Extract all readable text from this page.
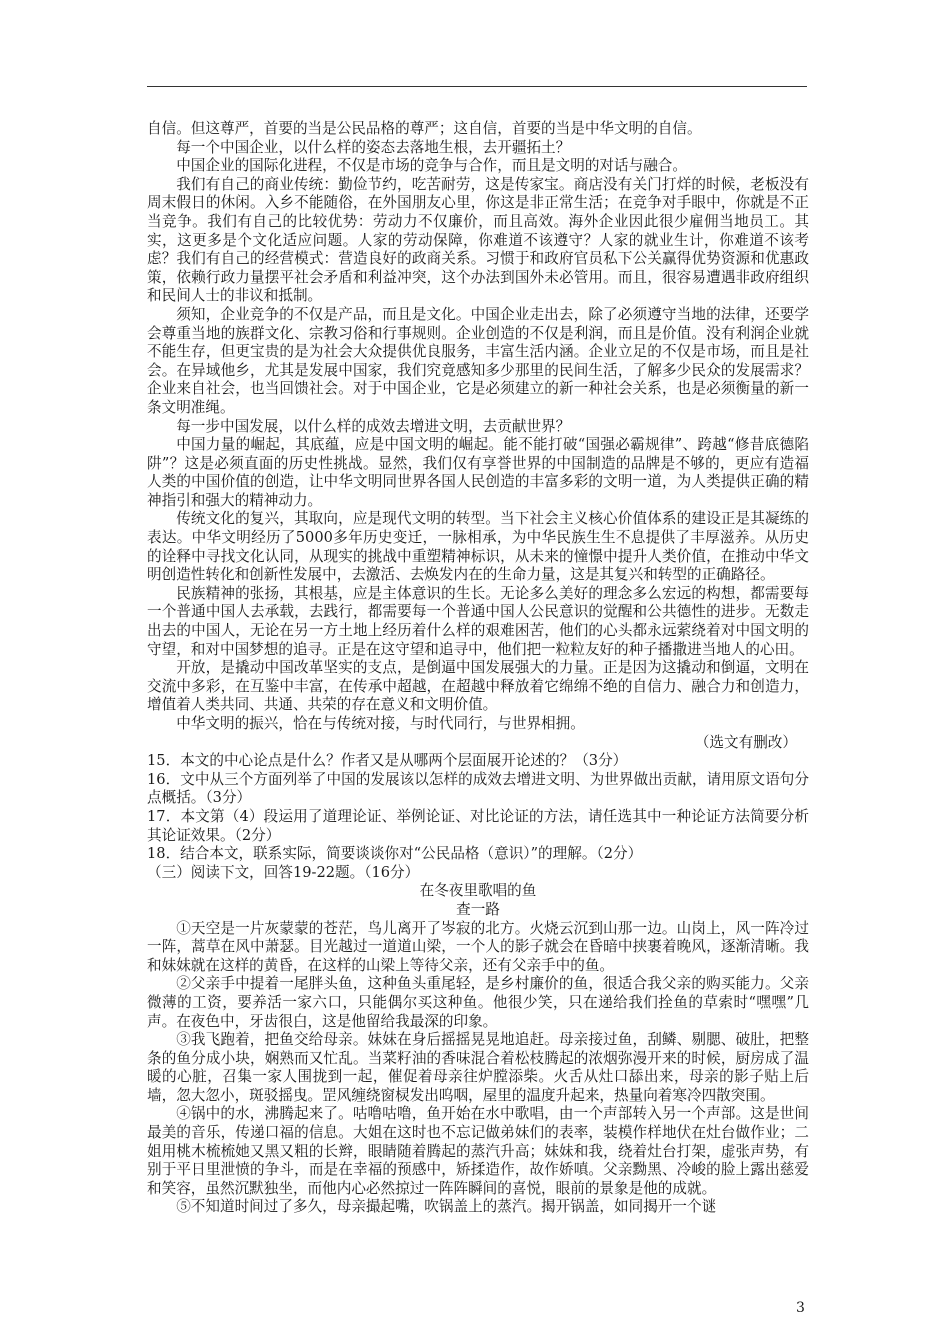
自信。但这尊严，首要的当是公民品格的尊严；这自信，首要的当是中华文明的自信。

每一个中国企业，以什么样的姿态去落地生根，去开疆拓土？

中国企业的国际化进程，不仅是市场的竞争与合作，而且是文明的对话与融合。

我们有自己的商业传统：勤俭节约，吃苦耐劳，这是传家宝。商店没有关门打烊的时候，老板没有周末假日的休闲。入乡不能随俗，在外国朋友心里，你这是非正常生活；在竞争对手眼中，你就是不正当竞争。我们有自己的比较优势：劳动力不仅廉价，而且高效。海外企业因此很少雇佣当地员工。其实，这更多是个文化适应问题。人家的劳动保障，你难道不该遵守？人家的就业生计，你难道不该考虑？我们有自己的经营模式：营造良好的政商关系。习惯于和政府官员私下公关赢得优势资源和优惠政策，依赖行政力量摆平社会矛盾和利益冲突，这个办法到国外未必管用。而且，很容易遭遇非政府组织和民间人士的非议和抵制。

须知，企业竞争的不仅是产品，而且是文化。中国企业走出去，除了必须遵守当地的法律，还要学会尊重当地的族群文化、宗教习俗和行事规则。企业创造的不仅是利润，而且是价值。没有利润企业就不能生存，但更宝贵的是为社会大众提供优良服务，丰富生活内涵。企业立足的不仅是市场，而且是社会。在异域他乡，尤其是发展中国家，我们究竟感知多少那里的民间生活，了解多少民众的发展需求？企业来自社会，也当回馈社会。对于中国企业，它是必须建立的新一种社会关系，也是必须衡量的新一条文明准绳。

每一步中国发展，以什么样的成效去增进文明，去贡献世界？

中国力量的崛起，其底蕴，应是中国文明的崛起。能不能打破“国强必霸规律”、跨越“修昔底德陷阱”？这是必须直面的历史性挑战。显然，我们仅有享誉世界的中国制造的品牌是不够的，更应有造福人类的中国价值的创造，让中华文明同世界各国人民创造的丰富多彩的文明一道，为人类提供正确的精神指引和强大的精神动力。

传统文化的复兴，其取向，应是现代文明的转型。当下社会主义核心价值体系的建设正是其凝练的表达。中华文明经历了5000多年历史变迁，一脉相承，为中华民族生生不息提供了丰厚滋养。从历史的诠释中寻找文化认同，从现实的挑战中重塑精神标识，从未来的憧憬中提升人类价值，在推动中华文明创造性转化和创新性发展中，去激活、去焕发内在的生命力量，这是其复兴和转型的正确路径。

民族精神的张扬，其根基，应是主体意识的生长。无论多么美好的理念多么宏远的构想，都需要每一个普通中国人去承载，去践行，都需要每一个普通中国人公民意识的觉醒和公共德性的进步。无数走出去的中国人，无论在另一方土地上经历着什么样的艰难困苦，他们的心头都永远萦绕着对中国文明的守望，和对中国梦想的追寻。正是在这守望和追寻中，他们把一粒粒友好的种子播撒进当地人的心田。

开放，是撬动中国改革坚实的支点，是倒逼中国发展强大的力量。正是因为这撬动和倒逼，文明在交流中多彩，在互鉴中丰富，在传承中超越，在超越中释放着它绵绵不绝的自信力、融合力和创造力，增值着人类共同、共通、共荣的存在意义和文明价值。

中华文明的振兴，恰在与传统对接，与时代同行，与世界相拥。

（选文有删改）

15．本文的中心论点是什么？作者又是从哪两个层面展开论述的？（3分）

16．文中从三个方面列举了中国的发展该以怎样的成效去增进文明、为世界做出贡献，请用原文语句分点概括。（3分）

17．本文第（4）段运用了道理论证、举例论证、对比论证的方法，请任选其中一种论证方法简要分析其论证效果。（2分）

18．结合本文，联系实际，简要谈谈你对“公民品格（意识）”的理解。（2分）

（三）阅读下文，回答19-22题。（16分）

在冬夜里歌唱的鱼

查一路

①天空是一片灰蒙蒙的苍茫，鸟儿离开了岑寂的北方。火烧云沉到山那一边。山岗上，风一阵冷过一阵，蒿草在风中萧瑟。目光越过一道道山梁，一个人的影子就会在昏暗中挟裹着晚风，逐渐清晰。我和妹妹就在这样的黄昏，在这样的山梁上等待父亲，还有父亲手中的鱼。

②父亲手中提着一尾胖头鱼，这种鱼头重尾轻，是乡村廉价的鱼，很适合我父亲的购买能力。父亲微薄的工资，要养活一家六口，只能偶尔买这种鱼。他很少笑，只在递给我们拴鱼的草索时“嘿嘿”几声。在夜色中，牙齿很白，这是他留给我最深的印象。

③我飞跑着，把鱼交给母亲。妹妹在身后摇摇晃晃地追赶。母亲接过鱼，刮鳞、剔腮、破肚，把整条的鱼分成小块，娴熟而又忙乱。当菜籽油的香味混合着松枝腾起的浓烟弥漫开来的时候，厨房成了温暖的心脏，召集一家人围拢到一起，催促着母亲往炉膛添柴。火舌从灶口舔出来，母亲的影子贴上后墙，忽大忽小，斑驳摇曳。罡风缠绕窗棂发出呜咽，屋里的温度升起来，热量向着寒冷四散突围。

④锅中的水，沸腾起来了。咕噜咕噜，鱼开始在水中歌唱，由一个声部转入另一个声部。这是世间最美的音乐，传递口福的信息。大姐在这时也不忘记做弟妹们的表率，装模作样地伏在灶台做作业；二姐用桃木梳梳她又黑又粗的长辫，眼睛随着腾起的蒸汽升高；妹妹和我，绕着灶台打架，虚张声势，有别于平日里泄愤的争斗，而是在幸福的预感中，矫揉造作，故作娇嗔。父亲黝黑、冷峻的脸上露出慈爱和笑容，虽然沉默独坐，而他内心必然掠过一阵阵瞬间的喜悦，眼前的景象是他的成就。

⑤不知道时间过了多久，母亲撮起嘴，吹锅盖上的蒸汽。揭开锅盖，如同揭开一个谜

3
